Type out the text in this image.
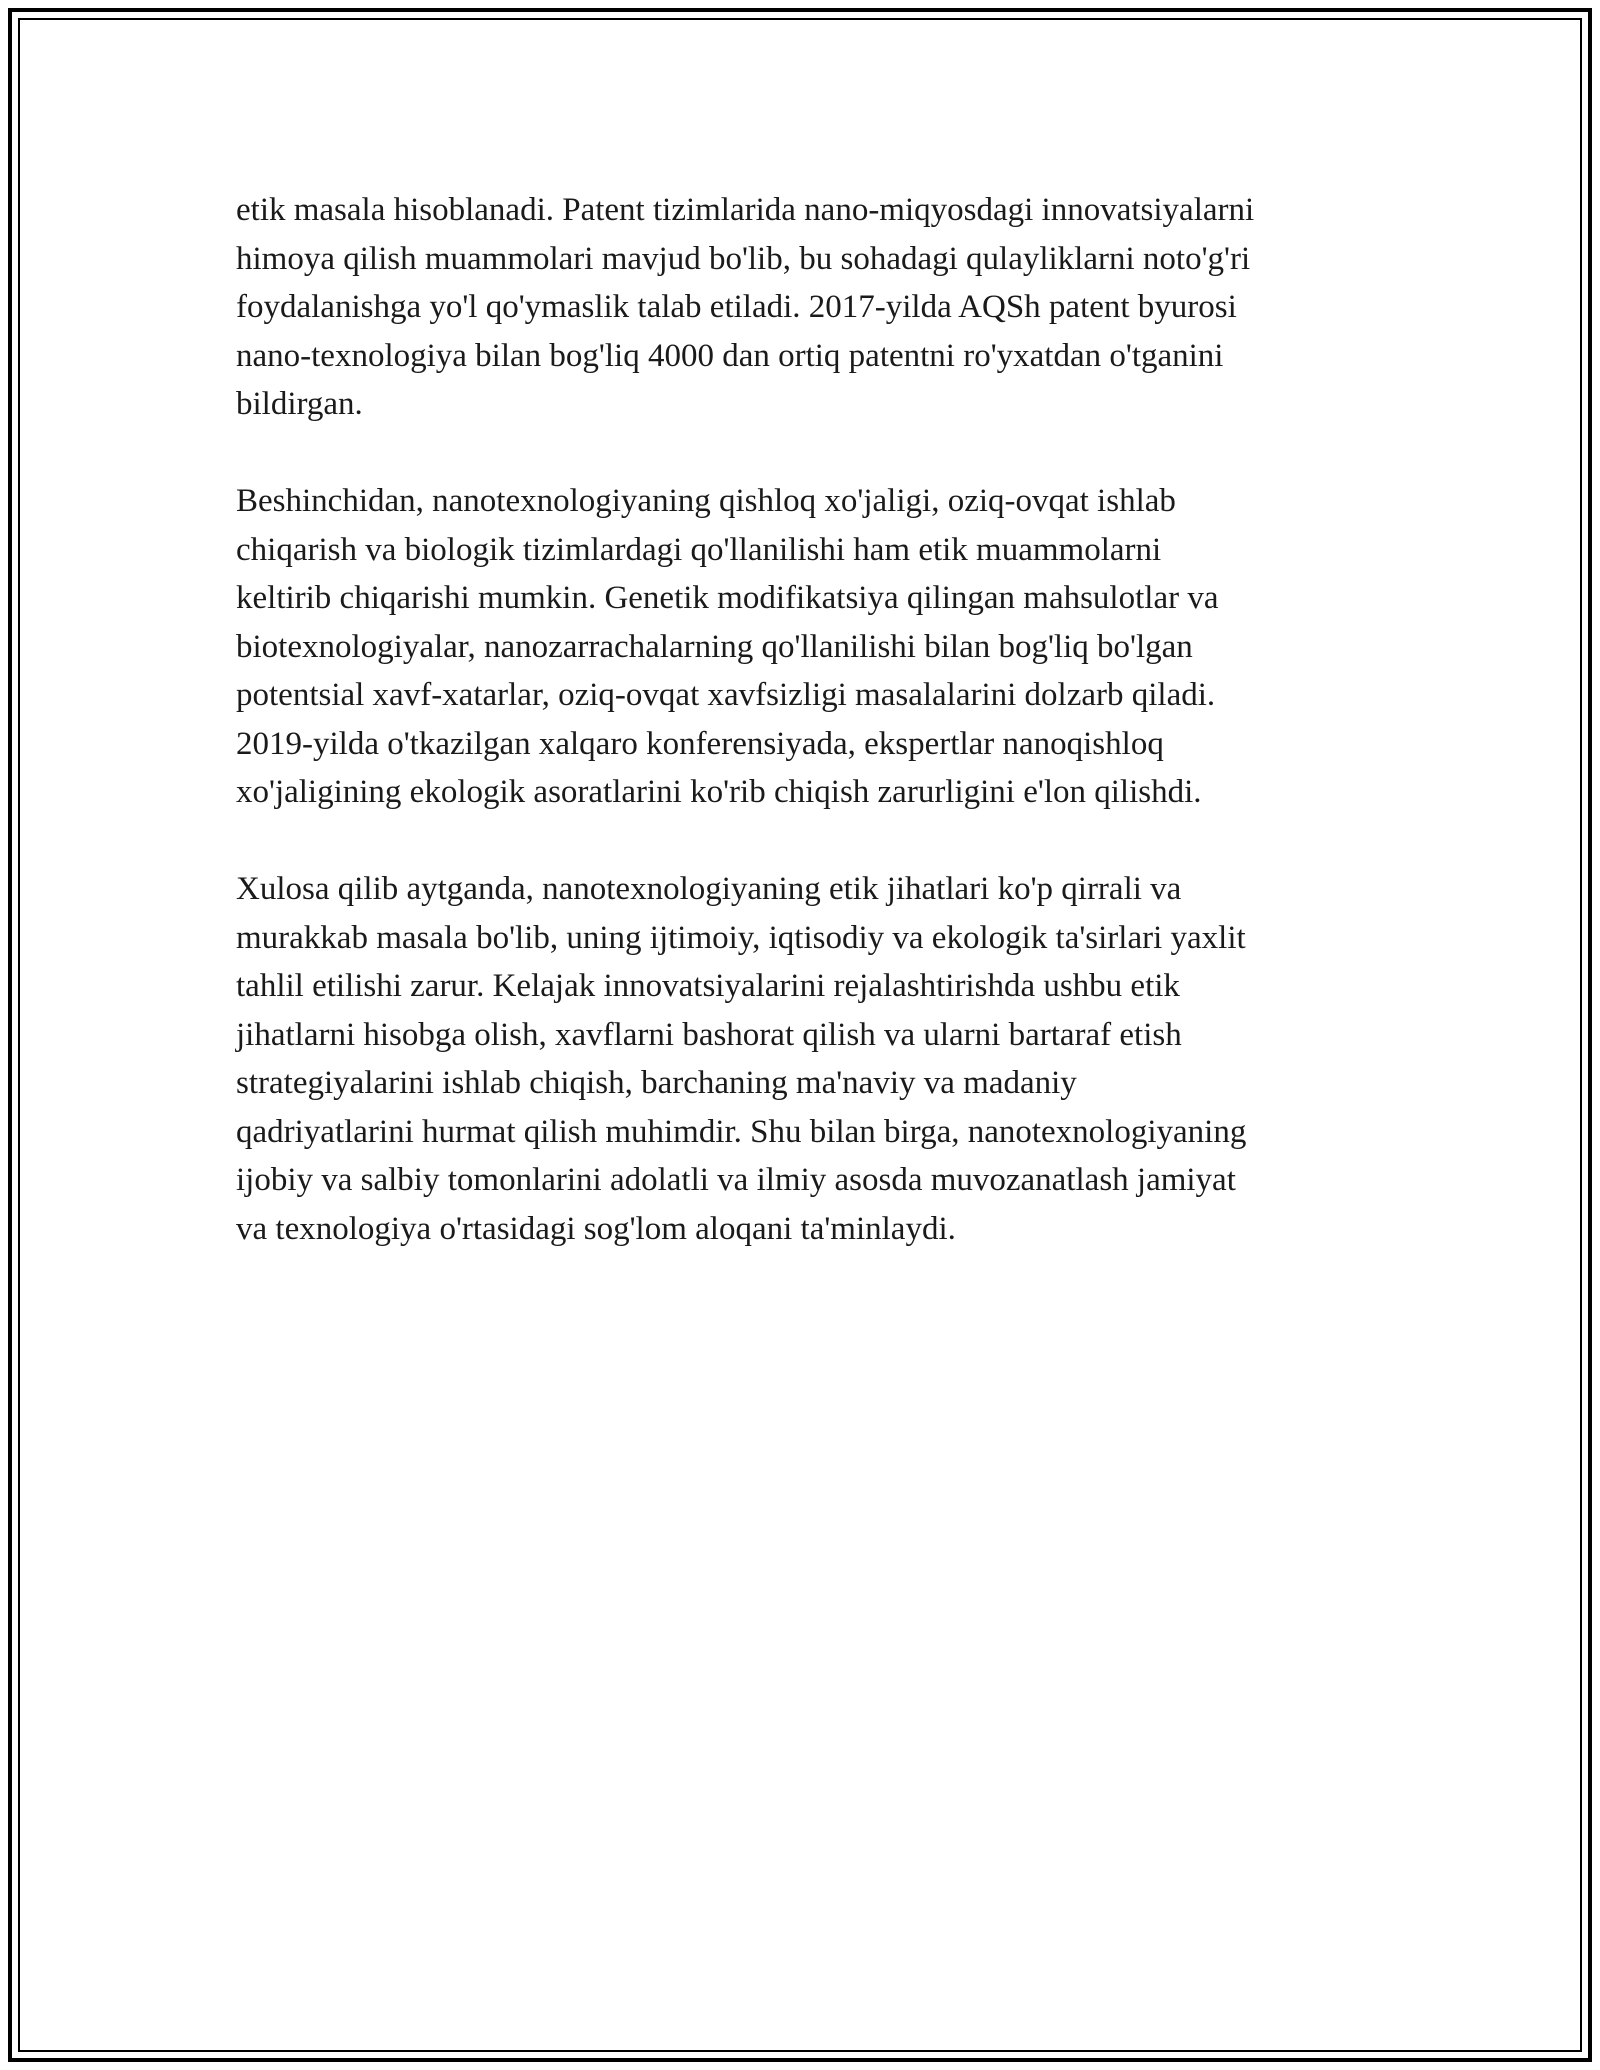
etik masala hisoblanadi. Patent tizimlarida nano-miqyosdagi innovatsiyalarni
himoya qilish muammolari mavjud bo'lib, bu sohadagi qulayliklarni noto'g'ri
foydalanishga yo'l qo'ymaslik talab etiladi. 2017-yilda AQSh patent byurosi
nano-texnologiya bilan bog'liq 4000 dan ortiq patentni ro'yxatdan o'tganini
bildirgan.

Beshinchidan, nanotexnologiyaning qishloq xo'jaligi, oziq-ovqat ishlab
chiqarish va biologik tizimlardagi qo'llanilishi ham etik muammolarni
keltirib chiqarishi mumkin. Genetik modifikatsiya qilingan mahsulotlar va
biotexnologiyalar, nanozarrachalarning qo'llanilishi bilan bog'liq bo'lgan
potentsial xavf-xatarlar, oziq-ovqat xavfsizligi masalalarini dolzarb qiladi.
2019-yilda o'tkazilgan xalqaro konferensiyada, ekspertlar nanoqishloq
xo'jaligining ekologik asoratlarini ko'rib chiqish zarurligini e'lon qilishdi.

Xulosa qilib aytganda, nanotexnologiyaning etik jihatlari ko'p qirrali va
murakkab masala bo'lib, uning ijtimoiy, iqtisodiy va ekologik ta'sirlari yaxlit
tahlil etilishi zarur. Kelajak innovatsiyalarini rejalashtirishda ushbu etik
jihatlarni hisobga olish, xavflarni bashorat qilish va ularni bartaraf etish
strategiyalarini ishlab chiqish, barchaning ma'naviy va madaniy
qadriyatlarini hurmat qilish muhimdir. Shu bilan birga, nanotexnologiyaning
ijobiy va salbiy tomonlarini adolatli va ilmiy asosda muvozanatlash jamiyat
va texnologiya o'rtasidagi sog'lom aloqani ta'minlaydi.
